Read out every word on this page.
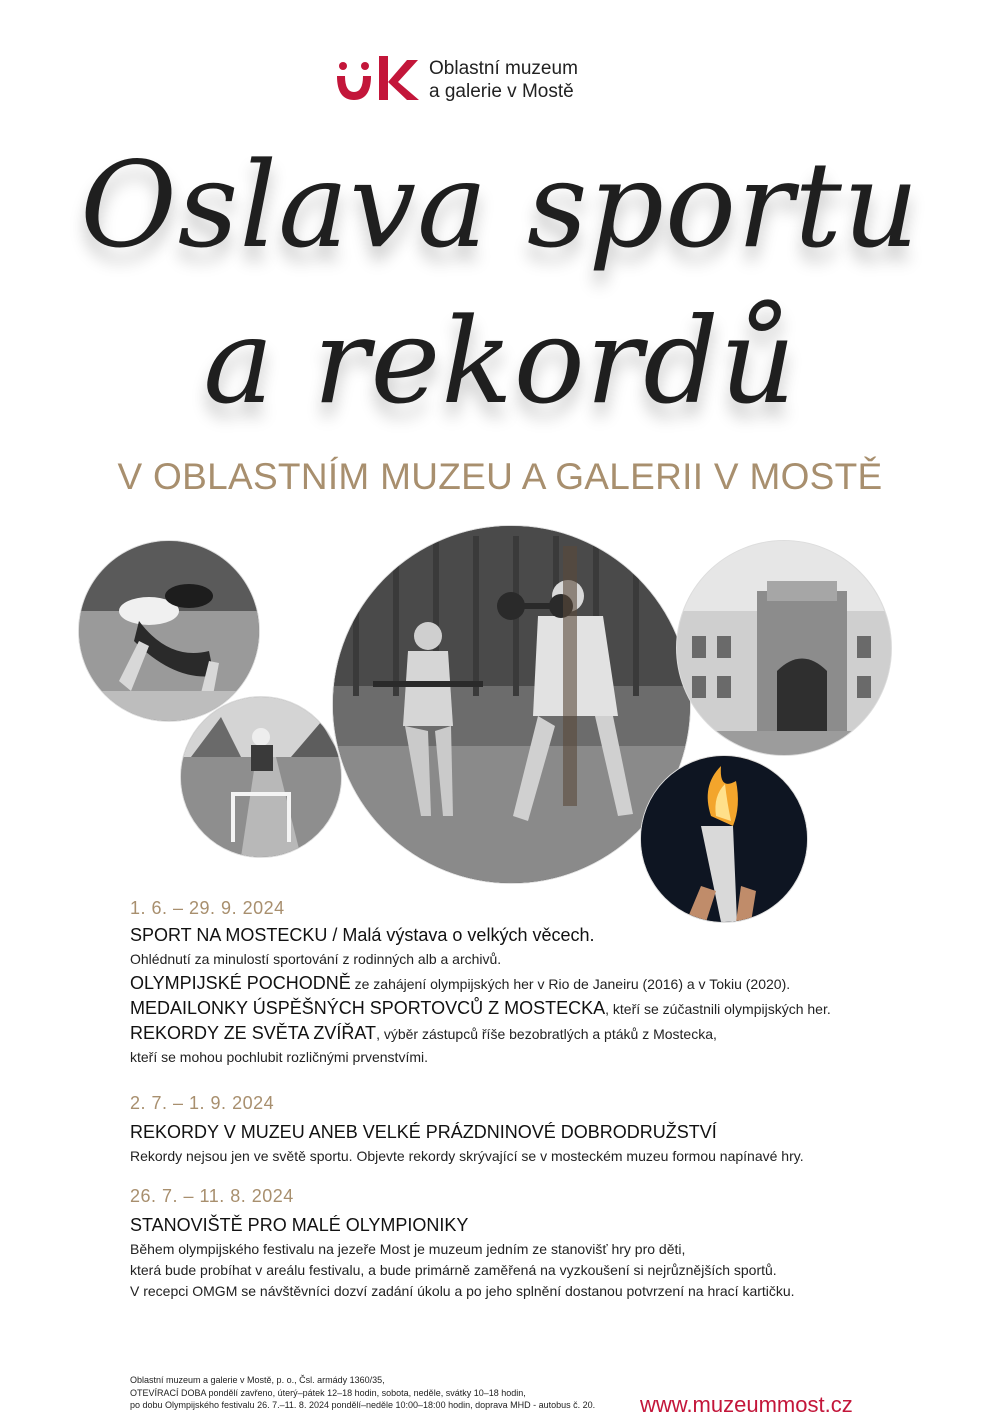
Oblastní muzeum
a galerie v Mostě
Oslava sportu
a rekordů
V OBLASTNÍM MUZEU A GALERII V MOSTĚ
1. 6. – 29. 9. 2024
SPORT NA MOSTECKU / Malá výstava o velkých věcech.
Ohlédnutí za minulostí sportování z rodinných alb a archivů.
OLYMPIJSKÉ POCHODNĚ ze zahájení olympijských her v Rio de Janeiru (2016) a v Tokiu (2020).
MEDAILONKY ÚSPĚŠNÝCH SPORTOVCŮ Z MOSTECKA, kteří se zúčastnili olympijských her.
REKORDY ZE SVĚTA ZVÍŘAT, výběr zástupců říše bezobratlých a ptáků z Mostecka,
kteří se mohou pochlubit rozličnými prvenstvími.
2. 7. – 1. 9. 2024
REKORDY V MUZEU ANEB VELKÉ PRÁZDNINOVÉ DOBRODRUŽSTVÍ
Rekordy nejsou jen ve světě sportu. Objevte rekordy skrývající se v mosteckém muzeu formou napínavé hry.
26. 7. – 11. 8. 2024
STANOVIŠTĚ PRO MALÉ OLYMPIONIKY
Během olympijského festivalu na jezeře Most je muzeum jedním ze stanovišť hry pro děti,
která bude probíhat v areálu festivalu, a bude primárně zaměřená na vyzkoušení si nejrůznějších sportů.
V recepci OMGM se návštěvníci dozví zadání úkolu a po jeho splnění dostanou potvrzení na hrací kartičku.
Oblastní muzeum a galerie v Mostě, p. o., Čsl. armády 1360/35,
OTEVÍRACÍ DOBA pondělí zavřeno, úterý–pátek 12–18 hodin, sobota, neděle, svátky 10–18 hodin,
po dobu Olympijského festivalu 26. 7.–11. 8. 2024 pondělí–neděle 10:00–18:00 hodin, doprava MHD - autobus č. 20. www.muzeummost.cz
